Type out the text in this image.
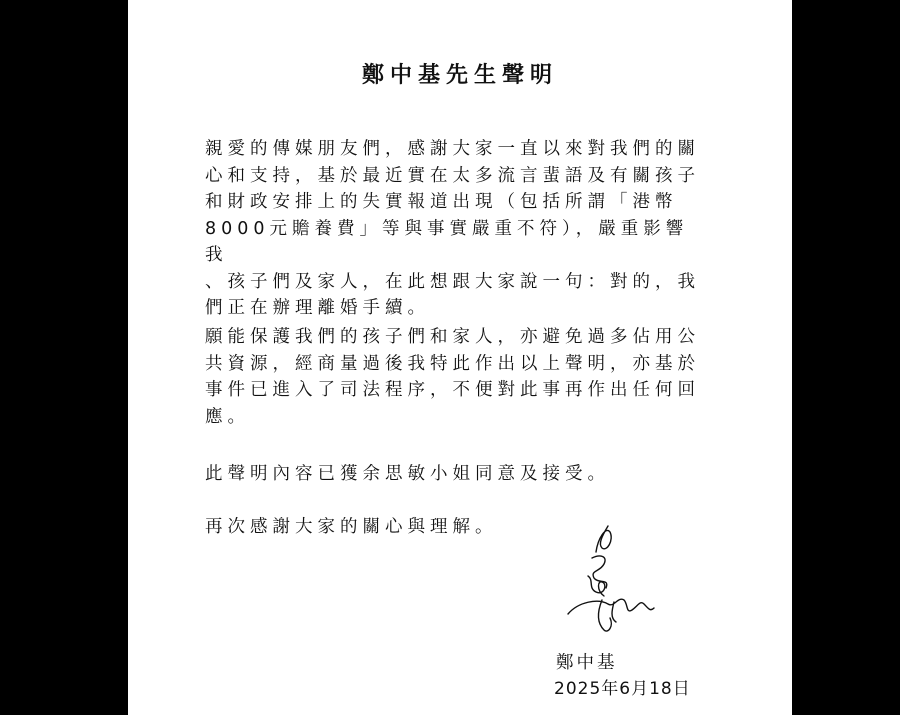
鄭中基先生聲明
親愛的傳媒朋友們，感謝大家一直以來對我們的關
心和支持，基於最近實在太多流言蜚語及有關孩子
和財政安排上的失實報道出現（包括所謂「港幣
8000元贍養費」等與事實嚴重不符），嚴重影響我
、孩子們及家人，在此想跟大家說一句：對的，我
們正在辦理離婚手續。
願能保護我們的孩子們和家人，亦避免過多佔用公
共資源，經商量過後我特此作出以上聲明，亦基於
事件已進入了司法程序，不便對此事再作出任何回
應。
此聲明內容已獲余思敏小姐同意及接受。
再次感謝大家的關心與理解。
鄭中基
2025年6月18日
